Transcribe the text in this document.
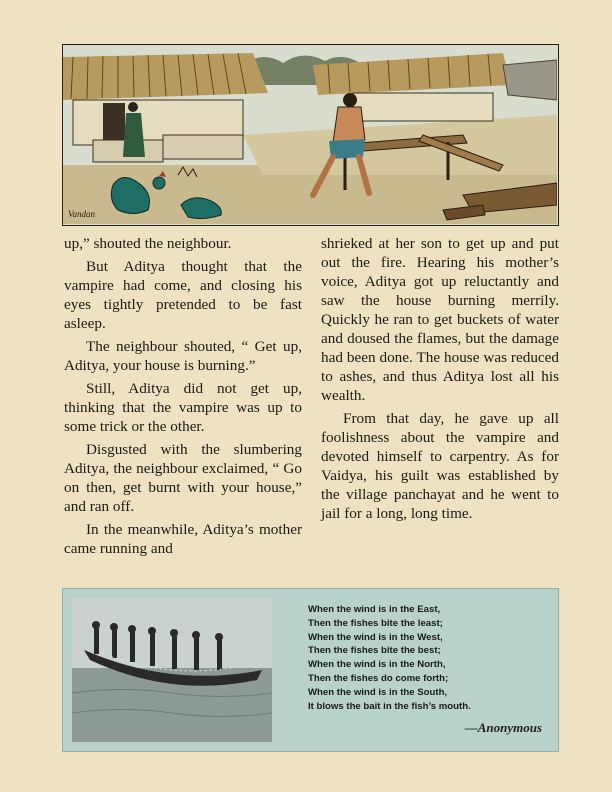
Vandan

up,” shouted the neighbour.

But Aditya thought that the vampire had come, and closing his eyes tightly pretended to be fast asleep.

The neighbour shouted, “ Get up, Aditya, your house is burning.”

Still, Aditya did not get up, thinking that the vampire was up to some trick or the other.

Disgusted with the slumbering Aditya, the neighbour exclaimed, “ Go on then, get burnt with your house,” and ran off.

In the meanwhile, Aditya’s mother came running and

shrieked at her son to get up and put out the fire. Hearing his mother’s voice, Aditya got up reluctantly and saw the house burning merrily. Quickly he ran to get buckets of water and doused the flames, but the damage had been done. The house was reduced to ashes, and thus Aditya lost all his wealth.

From that day, he gave up all foolishness about the vampire and devoted himself to carpentry. As for Vaidya, his guilt was established by the village panchayat and he went to jail for a long, long time.

When the wind is in the East,
Then the fishes bite the least;
When the wind is in the West,
Then the fishes bite the best;
When the wind is in the North,
Then the fishes do come forth;
When the wind is in the South,
It blows the bait in the fish’s mouth.
—Anonymous
